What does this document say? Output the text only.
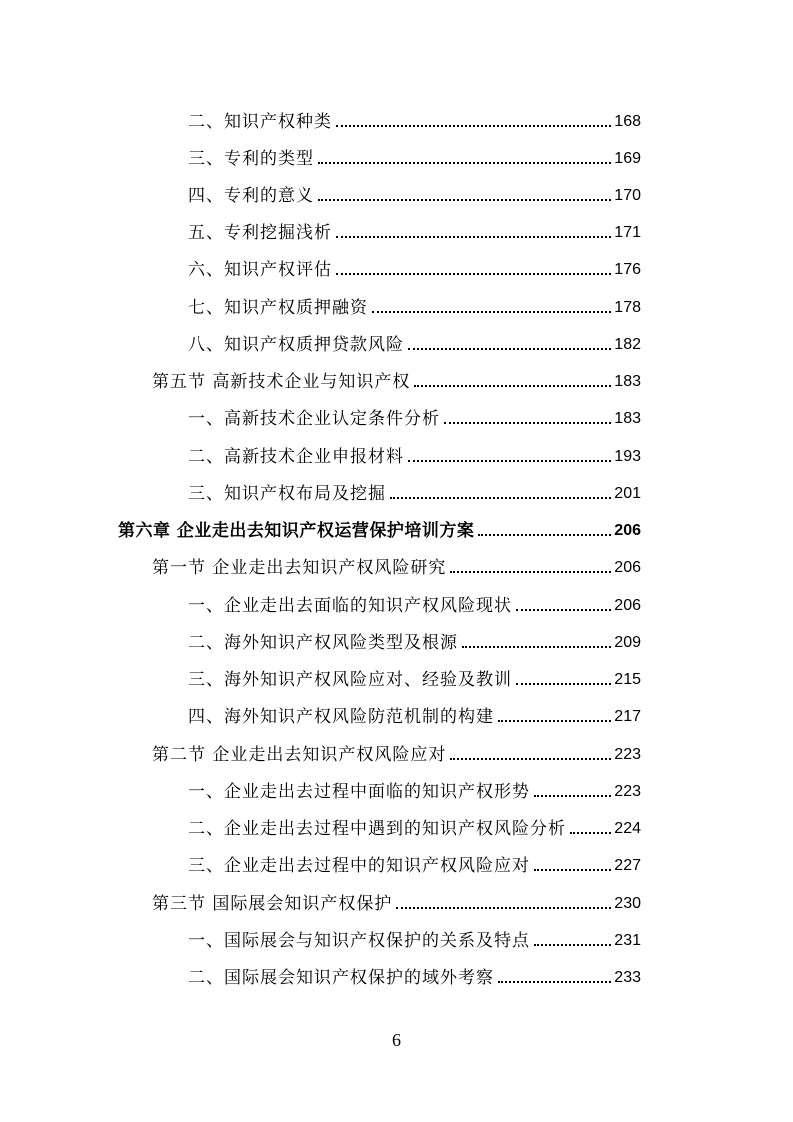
二、知识产权种类	168
三、专利的类型	169
四、专利的意义	170
五、专利挖掘浅析	171
六、知识产权评估	176
七、知识产权质押融资	178
八、知识产权质押贷款风险	182
第五节 高新技术企业与知识产权	183
一、高新技术企业认定条件分析	183
二、高新技术企业申报材料	193
三、知识产权布局及挖掘	201
第六章 企业走出去知识产权运营保护培训方案	206
第一节 企业走出去知识产权风险研究	206
一、企业走出去面临的知识产权风险现状	206
二、海外知识产权风险类型及根源	209
三、海外知识产权风险应对、经验及教训	215
四、海外知识产权风险防范机制的构建	217
第二节 企业走出去知识产权风险应对	223
一、企业走出去过程中面临的知识产权形势	223
二、企业走出去过程中遇到的知识产权风险分析	224
三、企业走出去过程中的知识产权风险应对	227
第三节 国际展会知识产权保护	230
一、国际展会与知识产权保护的关系及特点	231
二、国际展会知识产权保护的域外考察	233
6
